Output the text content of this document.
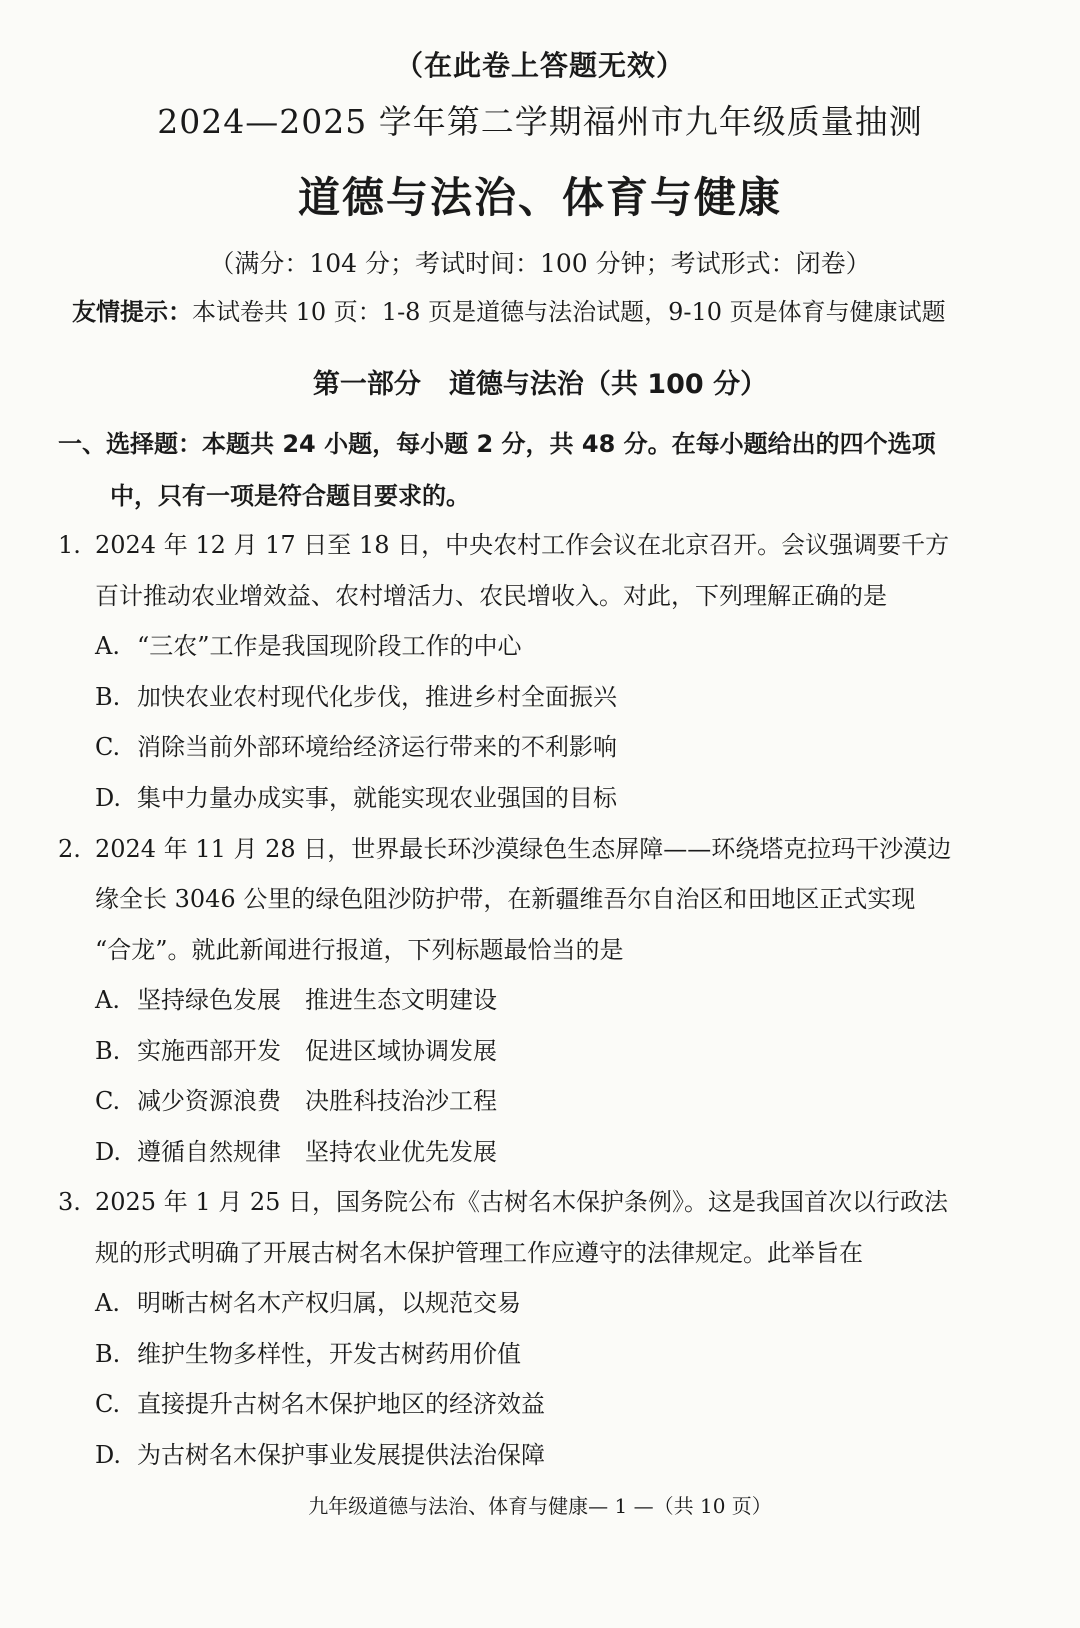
（在此卷上答题无效）
2024—2025 学年第二学期福州市九年级质量抽测
道德与法治、体育与健康
（满分：104 分；考试时间：100 分钟；考试形式：闭卷）
友情提示：本试卷共 10 页：1-8 页是道德与法治试题，9-10 页是体育与健康试题
第一部分 道德与法治（共 100 分）
一、选择题：本题共 24 小题，每小题 2 分，共 48 分。在每小题给出的四个选项
中，只有一项是符合题目要求的。
1. 2024 年 12 月 17 日至 18 日，中央农村工作会议在北京召开。会议强调要千方
百计推动农业增效益、农村增活力、农民增收入。对此，下列理解正确的是
A. “三农”工作是我国现阶段工作的中心
B. 加快农业农村现代化步伐，推进乡村全面振兴
C. 消除当前外部环境给经济运行带来的不利影响
D. 集中力量办成实事，就能实现农业强国的目标
2. 2024 年 11 月 28 日，世界最长环沙漠绿色生态屏障——环绕塔克拉玛干沙漠边
缘全长 3046 公里的绿色阻沙防护带，在新疆维吾尔自治区和田地区正式实现
“合龙”。就此新闻进行报道，下列标题最恰当的是
A. 坚持绿色发展　推进生态文明建设
B. 实施西部开发　促进区域协调发展
C. 减少资源浪费　决胜科技治沙工程
D. 遵循自然规律　坚持农业优先发展
3. 2025 年 1 月 25 日，国务院公布《古树名木保护条例》。这是我国首次以行政法
规的形式明确了开展古树名木保护管理工作应遵守的法律规定。此举旨在
A. 明晰古树名木产权归属，以规范交易
B. 维护生物多样性，开发古树药用价值
C. 直接提升古树名木保护地区的经济效益
D. 为古树名木保护事业发展提供法治保障
九年级道德与法治、体育与健康— 1 —（共 10 页）
